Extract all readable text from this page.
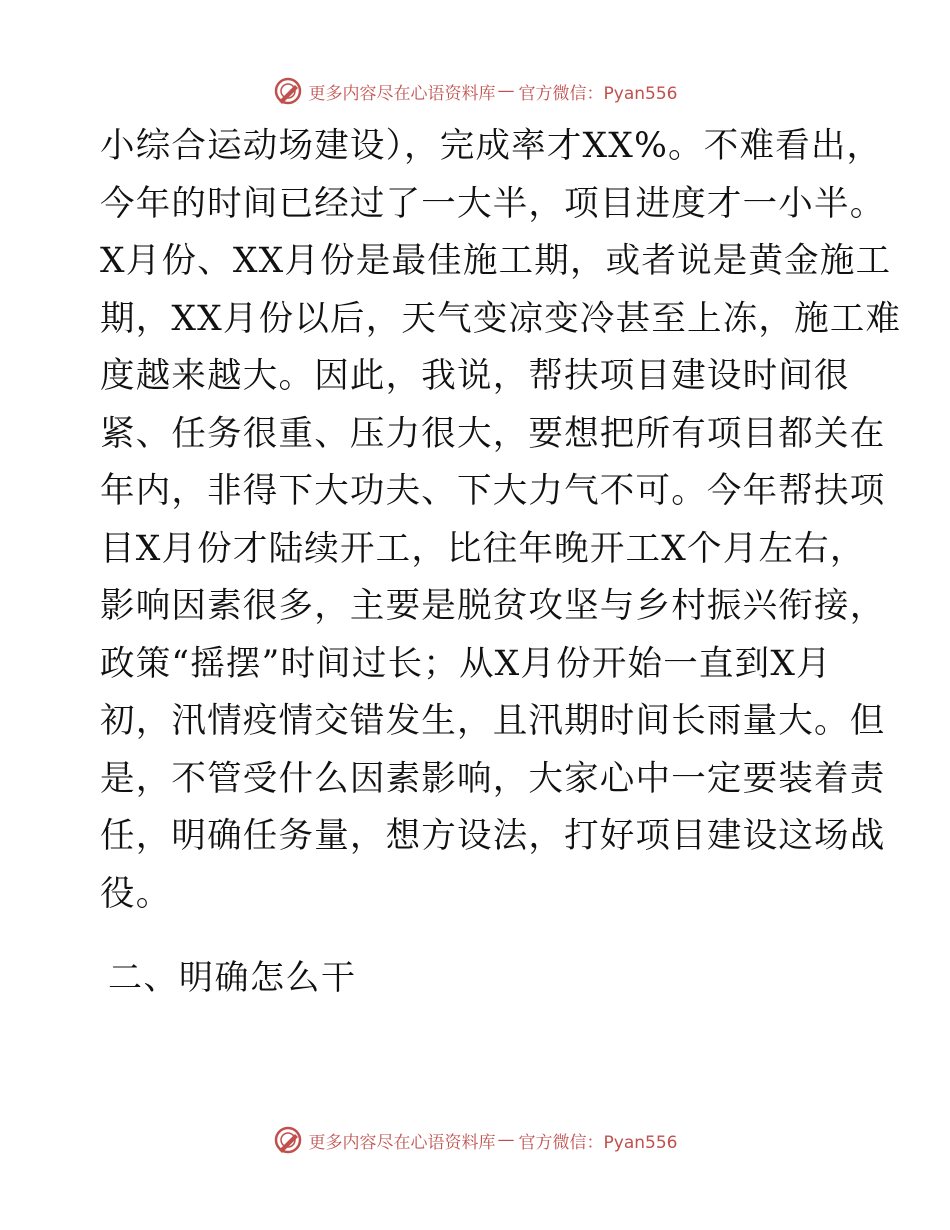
更多内容尽在心语资料库 — 官方微信：Pyan556
小综合运动场建设），完成率才XX%。不难看出，
今年的时间已经过了一大半，项目进度才一小半。
X月份、XX月份是最佳施工期，或者说是黄金施工
期，XX月份以后，天气变凉变冷甚至上冻，施工难
度越来越大。因此，我说，帮扶项目建设时间很
紧、任务很重、压力很大，要想把所有项目都关在
年内，非得下大功夫、下大力气不可。今年帮扶项
目X月份才陆续开工，比往年晚开工X个月左右，
影响因素很多，主要是脱贫攻坚与乡村振兴衔接，
政策“摇摆”时间过长；从X月份开始一直到X月
初，汛情疫情交错发生，且汛期时间长雨量大。但
是，不管受什么因素影响，大家心中一定要装着责
任，明确任务量，想方设法，打好项目建设这场战
役。
二、明确怎么干
更多内容尽在心语资料库 — 官方微信：Pyan556
